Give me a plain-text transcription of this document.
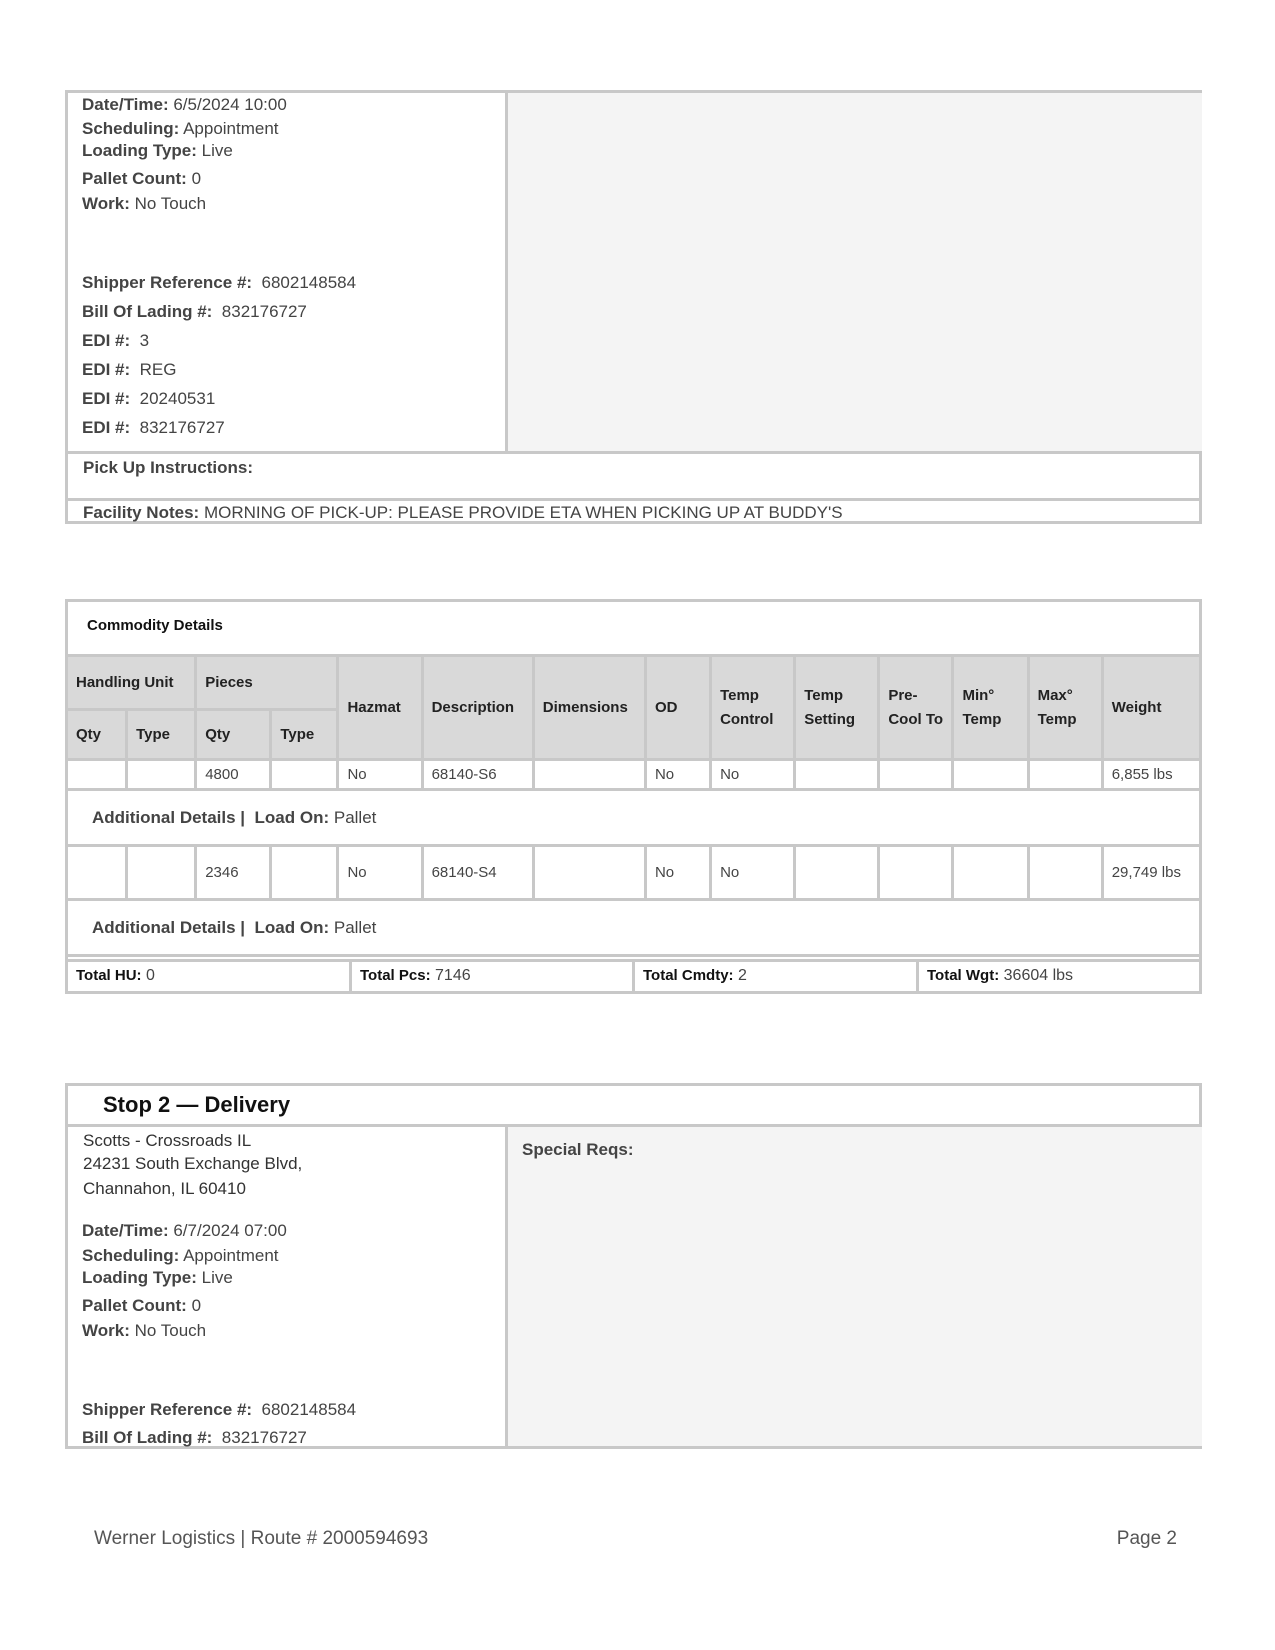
Date/Time: 6/5/2024 10:00
Scheduling: Appointment
Loading Type: Live
Pallet Count: 0
Work: No Touch
Shipper Reference #: 6802148584
Bill Of Lading #: 832176727
EDI #: 3
EDI #: REG
EDI #: 20240531
EDI #: 832176727
Pick Up Instructions:
Facility Notes: MORNING OF PICK-UP: PLEASE PROVIDE ETA WHEN PICKING UP AT BUDDY'S
Commodity Details
Handling Unit		Pieces		Hazmat	Description	Dimensions	OD	Temp Control	Temp Setting	Pre-Cool To	Min° Temp	Max° Temp	Weight
Qty	Type	Qty	Type										
		4800		No	68140-S6		No	No					6,855 lbs
Additional Details | Load On: Pallet													
		2346		No	68140-S4		No	No					29,749 lbs
Additional Details | Load On: Pallet													
Total HU: 0	Total Pcs: 7146	Total Cmdty: 2	Total Wgt: 36604 lbs
Stop 2 — Delivery
Special Reqs:
Scotts - Crossroads IL
24231 South Exchange Blvd,
Channahon, IL 60410
Date/Time: 6/7/2024 07:00
Scheduling: Appointment
Loading Type: Live
Pallet Count: 0
Work: No Touch
Shipper Reference #: 6802148584
Bill Of Lading #: 832176727
Werner Logistics | Route # 2000594693	Page 2
